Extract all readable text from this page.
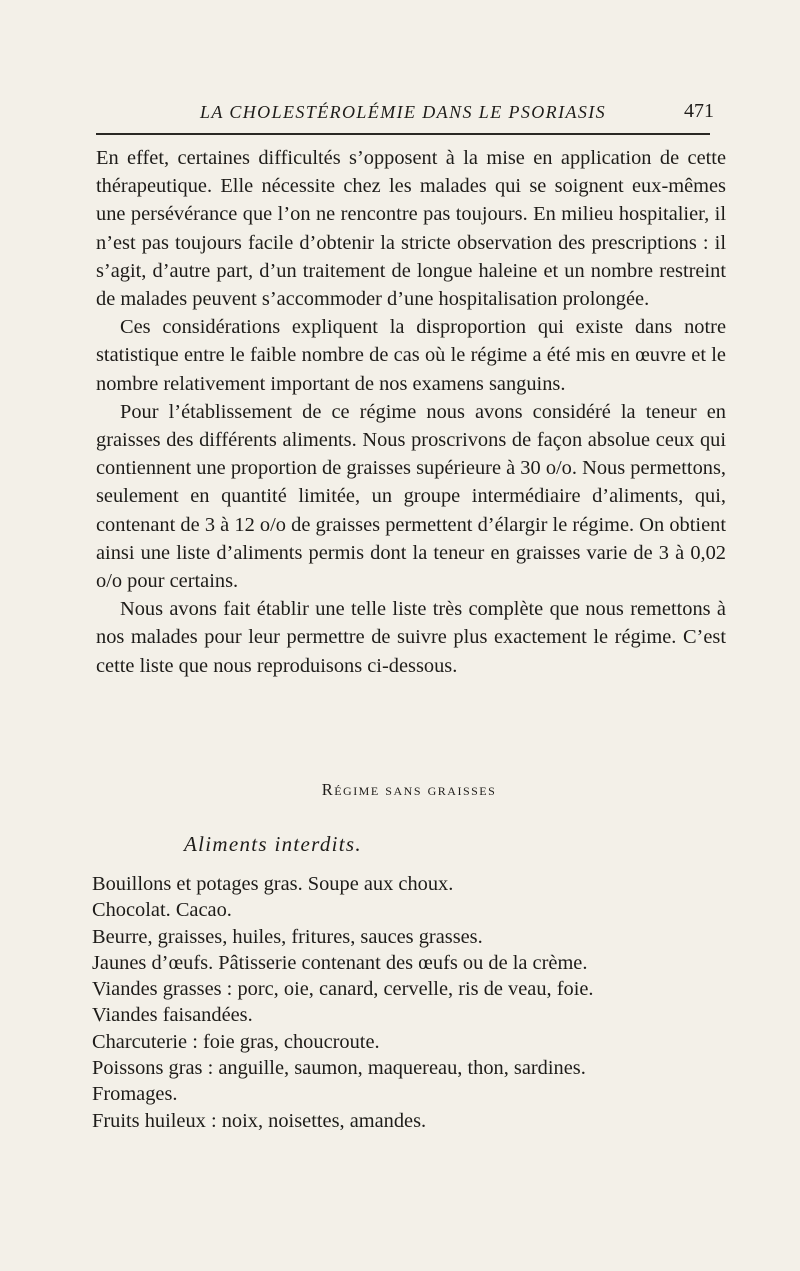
LA CHOLESTÉROLÉMIE DANS LE PSORIASIS	471

En effet, certaines difficultés s’opposent à la mise en application de cette thérapeutique. Elle nécessite chez les malades qui se soignent eux-mêmes une persévérance que l’on ne rencontre pas toujours. En milieu hospitalier, il n’est pas toujours facile d’obtenir la stricte observation des prescriptions : il s’agit, d’autre part, d’un traitement de longue haleine et un nombre restreint de malades peuvent s’accommoder d’une hospitalisation prolongée.

Ces considérations expliquent la disproportion qui existe dans notre statistique entre le faible nombre de cas où le régime a été mis en œuvre et le nombre relativement important de nos examens sanguins.

Pour l’établissement de ce régime nous avons considéré la teneur en graisses des différents aliments. Nous proscrivons de façon absolue ceux qui contiennent une proportion de graisses supérieure à 30 o/o. Nous permettons, seulement en quantité limitée, un groupe intermédiaire d’aliments, qui, contenant de 3 à 12 o/o de graisses permettent d’élargir le régime. On obtient ainsi une liste d’aliments permis dont la teneur en graisses varie de 3 à 0,02 o/o pour certains.

Nous avons fait établir une telle liste très complète que nous remettons à nos malades pour leur permettre de suivre plus exactement le régime. C’est cette liste que nous reproduisons ci-dessous.

Régime sans graisses
Aliments interdits.
Bouillons et potages gras. Soupe aux choux.
Chocolat. Cacao.
Beurre, graisses, huiles, fritures, sauces grasses.
Jaunes d’œufs. Pâtisserie contenant des œufs ou de la crème.
Viandes grasses : porc, oie, canard, cervelle, ris de veau, foie.
Viandes faisandées.
Charcuterie : foie gras, choucroute.
Poissons gras : anguille, saumon, maquereau, thon, sardines.
Fromages.
Fruits huileux : noix, noisettes, amandes.
